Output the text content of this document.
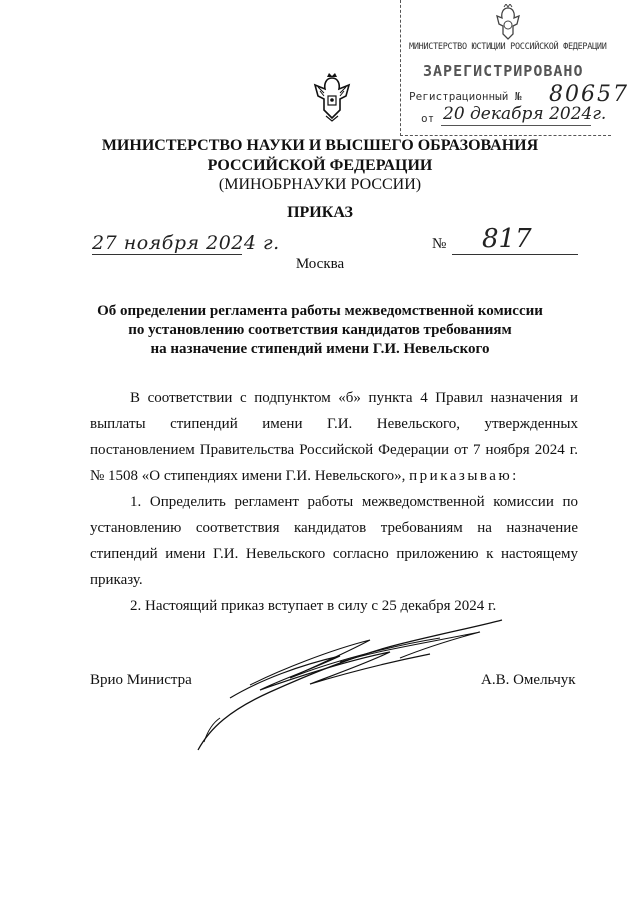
МИНИСТЕРСТВО ЮСТИЦИИ РОССИЙСКОЙ ФЕДЕРАЦИИ
ЗАРЕГИСТРИРОВАНО
Регистрационный № 80657
от 20 декабря 2024г.
МИНИСТЕРСТВО НАУКИ И ВЫСШЕГО ОБРАЗОВАНИЯ
РОССИЙСКОЙ ФЕДЕРАЦИИ
(МИНОБРНАУКИ РОССИИ)
ПРИКАЗ
27 ноября 2024 г.	№ 817
Москва
Об определении регламента работы межведомственной комиссии
по установлению соответствия кандидатов требованиям
на назначение стипендий имени Г.И. Невельского
В соответствии с подпунктом «б» пункта 4 Правил назначения и выплаты стипендий имени Г.И. Невельского, утвержденных постановлением Правительства Российской Федерации от 7 ноября 2024 г. № 1508 «О стипендиях имени Г.И. Невельского», приказываю:
1. Определить регламент работы межведомственной комиссии по установлению соответствия кандидатов требованиям на назначение стипендий имени Г.И. Невельского согласно приложению к настоящему приказу.
2. Настоящий приказ вступает в силу с 25 декабря 2024 г.
Врио Министра	А.В. Омельчук
